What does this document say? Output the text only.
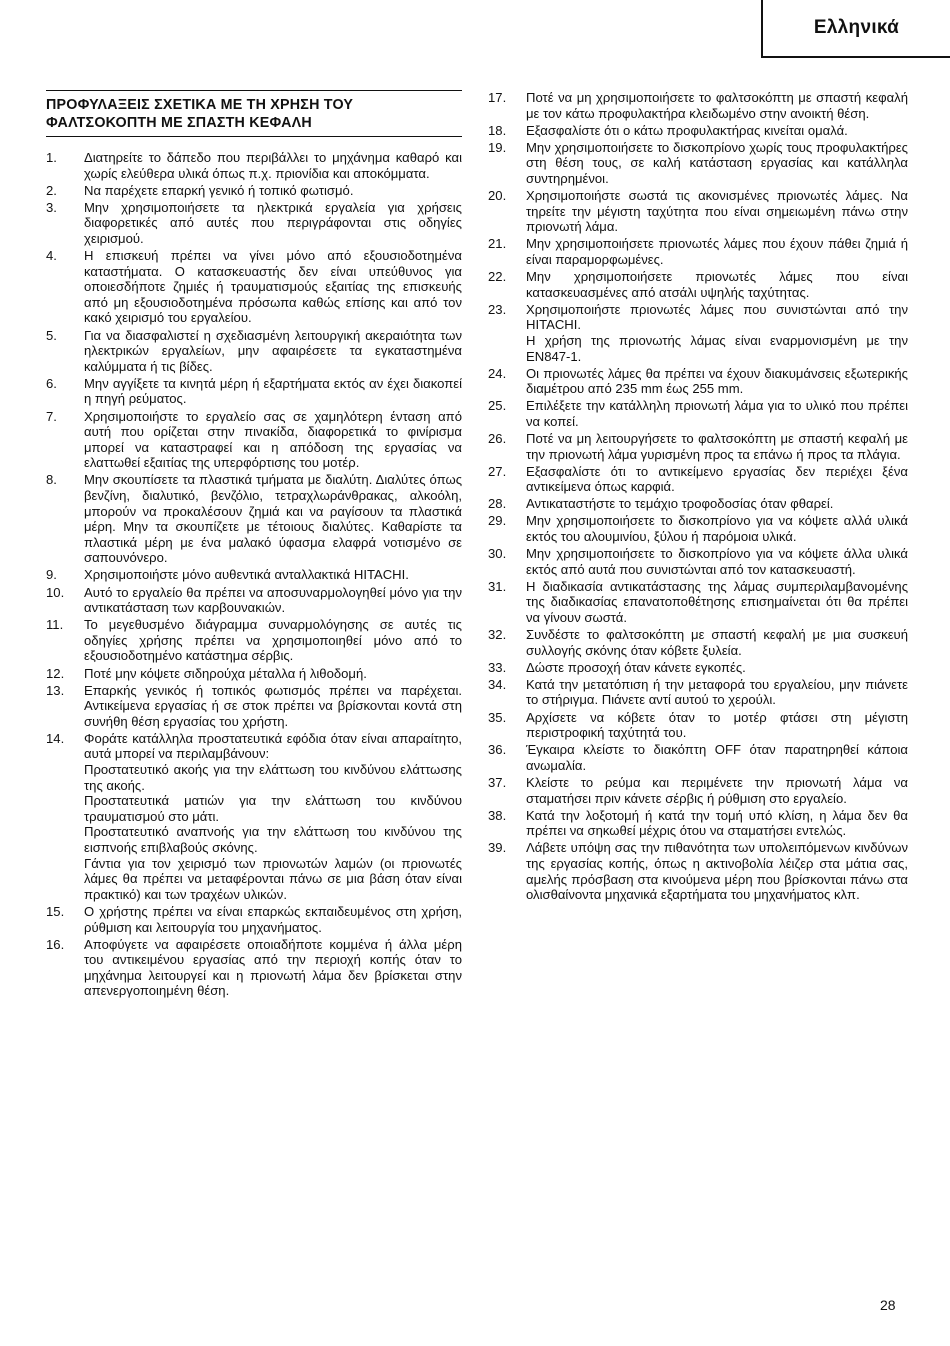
Ελληνικά
ΠΡΟΦΥΛΑΞΕΙΣ ΣΧΕΤΙΚΑ ΜΕ ΤΗ ΧΡΗΣΗ ΤΟΥ ΦΑΛΤΣΟΚΟΠΤΗ ΜΕ ΣΠΑΣΤΗ ΚΕΦΑΛΗ
1.	Διατηρείτε το δάπεδο που περιβάλλει το μηχάνημα καθαρό και χωρίς ελεύθερα υλικά όπως π.χ. πριονίδια και αποκόμματα.
2.	Να παρέχετε επαρκή γενικό ή τοπικό φωτισμό.
3.	Μην χρησιμοποιήσετε τα ηλεκτρικά εργαλεία για χρήσεις διαφορετικές από αυτές που περιγράφονται στις οδηγίες χειρισμού.
4.	Η επισκευή πρέπει να γίνει μόνο από εξουσιοδοτημένα καταστήματα. Ο κατασκευαστής δεν είναι υπεύθυνος για οποιεσδήποτε ζημιές ή τραυματισμούς εξαιτίας της επισκευής από μη εξουσιοδοτημένα πρόσωπα καθώς επίσης και από τον κακό χειρισμό του εργαλείου.
5.	Για να διασφαλιστεί η σχεδιασμένη λειτουργική ακεραιότητα των ηλεκτρικών εργαλείων, μην αφαιρέσετε τα εγκαταστημένα καλύμματα ή τις βίδες.
6.	Μην αγγίξετε τα κινητά μέρη ή εξαρτήματα εκτός αν έχει διακοπεί η πηγή ρεύματος.
7.	Χρησιμοποιήστε το εργαλείο σας σε χαμηλότερη ένταση από αυτή που ορίζεται στην πινακίδα, διαφορετικά το φινίρισμα μπορεί να καταστραφεί και η απόδοση της εργασίας να ελαττωθεί εξαιτίας της υπερφόρτισης του μοτέρ.
8.	Μην σκουπίσετε τα πλαστικά τμήματα με διαλύτη. Διαλύτες όπως βενζίνη, διαλυτικό, βενζόλιο, τετραχλωράνθρακας, αλκοόλη, μπορούν να προκαλέσουν ζημιά και να ραγίσουν τα πλαστικά μέρη. Μην τα σκουπίζετε με τέτοιους διαλύτες. Καθαρίστε τα πλαστικά μέρη με ένα μαλακό ύφασμα ελαφρά νοτισμένο σε σαπουνόνερο.
9.	Χρησιμοποιήστε μόνο αυθεντικά ανταλλακτικά HITACHI.
10.	Αυτό το εργαλείο θα πρέπει να αποσυναρμολογηθεί μόνο για την αντικατάσταση των καρβουνακιών.
11.	Το μεγεθυσμένο διάγραμμα συναρμολόγησης σε αυτές τις οδηγίες χρήσης πρέπει να χρησιμοποιηθεί μόνο από το εξουσιοδοτημένο κατάστημα σέρβις.
12.	Ποτέ μην κόψετε σιδηρούχα μέταλλα ή λιθοδομή.
13.	Επαρκής γενικός ή τοπικός φωτισμός πρέπει να παρέχεται. Αντικείμενα εργασίας ή σε στοκ πρέπει να βρίσκονται κοντά στη συνήθη θέση εργασίας του χρήστη.
14.	Φοράτε κατάλληλα προστατευτικά εφόδια όταν είναι απαραίτητο, αυτά μπορεί να περιλαμβάνουν:
Προστατευτικό ακοής για την ελάττωση του κινδύνου ελάττωσης της ακοής.
Προστατευτικά ματιών για την ελάττωση του κινδύνου τραυματισμού στο μάτι.
Προστατευτικό αναπνοής για την ελάττωση του κινδύνου της εισπνοής επιβλαβούς σκόνης.
Γάντια για τον χειρισμό των πριονωτών λαμών (οι πριονωτές λάμες θα πρέπει να μεταφέρονται πάνω σε μια βάση όταν είναι πρακτικό) και των τραχέων υλικών.
15.	Ο χρήστης πρέπει να είναι επαρκώς εκπαιδευμένος στη χρήση, ρύθμιση και λειτουργία του μηχανήματος.
16.	Αποφύγετε να αφαιρέσετε οποιαδήποτε κομμένα ή άλλα μέρη του αντικειμένου εργασίας από την περιοχή κοπής όταν το μηχάνημα λειτουργεί και η πριονωτή λάμα δεν βρίσκεται στην απενεργοποιημένη θέση.
17.	Ποτέ να μη χρησιμοποιήσετε το φαλτσοκόπτη με σπαστή κεφαλή με τον κάτω προφυλακτήρα κλειδωμένο στην ανοικτή θέση.
18.	Εξασφαλίστε ότι ο κάτω προφυλακτήρας κινείται ομαλά.
19.	Μην χρησιμοποιήσετε το δισκοπρίονο χωρίς τους προφυλακτήρες στη θέση τους, σε καλή κατάσταση εργασίας και κατάλληλα συντηρημένοι.
20.	Χρησιμοποιήστε σωστά τις ακονισμένες πριονωτές λάμες. Να τηρείτε την μέγιστη ταχύτητα που είναι σημειωμένη πάνω στην πριονωτή λάμα.
21.	Μην χρησιμοποιήσετε πριονωτές λάμες που έχουν πάθει ζημιά ή είναι παραμορφωμένες.
22.	Μην χρησιμοποιήσετε πριονωτές λάμες που είναι κατασκευασμένες από ατσάλι υψηλής ταχύτητας.
23.	Χρησιμοποιήστε πριονωτές λάμες που συνιστώνται από την HITACHI.
Η χρήση της πριονωτής λάμας είναι εναρμονισμένη με την EN847-1.
24.	Οι πριονωτές λάμες θα πρέπει να έχουν διακυμάνσεις εξωτερικής διαμέτρου από 235 mm έως 255 mm.
25.	Επιλέξετε την κατάλληλη πριονωτή λάμα για το υλικό που πρέπει να κοπεί.
26.	Ποτέ να μη λειτουργήσετε το φαλτσοκόπτη με σπαστή κεφαλή με την πριονωτή λάμα γυρισμένη προς τα επάνω ή προς τα πλάγια.
27.	Εξασφαλίστε ότι το αντικείμενο εργασίας δεν περιέχει ξένα αντικείμενα όπως καρφιά.
28.	Αντικαταστήστε το τεμάχιο τροφοδοσίας όταν φθαρεί.
29.	Μην χρησιμοποιήσετε το δισκοπρίονο για να κόψετε αλλά υλικά εκτός του αλουμινίου, ξύλου ή παρόμοια υλικά.
30.	Μην χρησιμοποιήσετε το δισκοπρίονο για να κόψετε άλλα υλικά εκτός από αυτά που συνιστώνται από τον κατασκευαστή.
31.	Η διαδικασία αντικατάστασης της λάμας συμπεριλαμβανομένης της διαδικασίας επανατοποθέτησης επισημαίνεται ότι θα πρέπει να γίνουν σωστά.
32.	Συνδέστε το φαλτσοκόπτη με σπαστή κεφαλή με μια συσκευή συλλογής σκόνης όταν κόβετε ξυλεία.
33.	Δώστε προσοχή όταν κάνετε εγκοπές.
34.	Κατά την μετατόπιση ή την μεταφορά του εργαλείου, μην πιάνετε το στήριγμα. Πιάνετε αντί αυτού το χερούλι.
35.	Αρχίσετε να κόβετε όταν το μοτέρ φτάσει στη μέγιστη περιστροφική ταχύτητά του.
36.	Έγκαιρα κλείστε το διακόπτη OFF όταν παρατηρηθεί κάποια ανωμαλία.
37.	Κλείστε το ρεύμα και περιμένετε την πριονωτή λάμα να σταματήσει πριν κάνετε σέρβις ή ρύθμιση στο εργαλείο.
38.	Κατά την λοξοτομή ή κατά την τομή υπό κλίση, η λάμα δεν θα πρέπει να σηκωθεί μέχρις ότου να σταματήσει εντελώς.
39.	Λάβετε υπόψη σας την πιθανότητα των υπολειπόμενων κινδύνων της εργασίας κοπής, όπως η ακτινοβολία λέιζερ στα μάτια σας, αμελής πρόσβαση στα κινούμενα μέρη που βρίσκονται πάνω στα ολισθαίνοντα μηχανικά εξαρτήματα του μηχανήματος κλπ.
28
